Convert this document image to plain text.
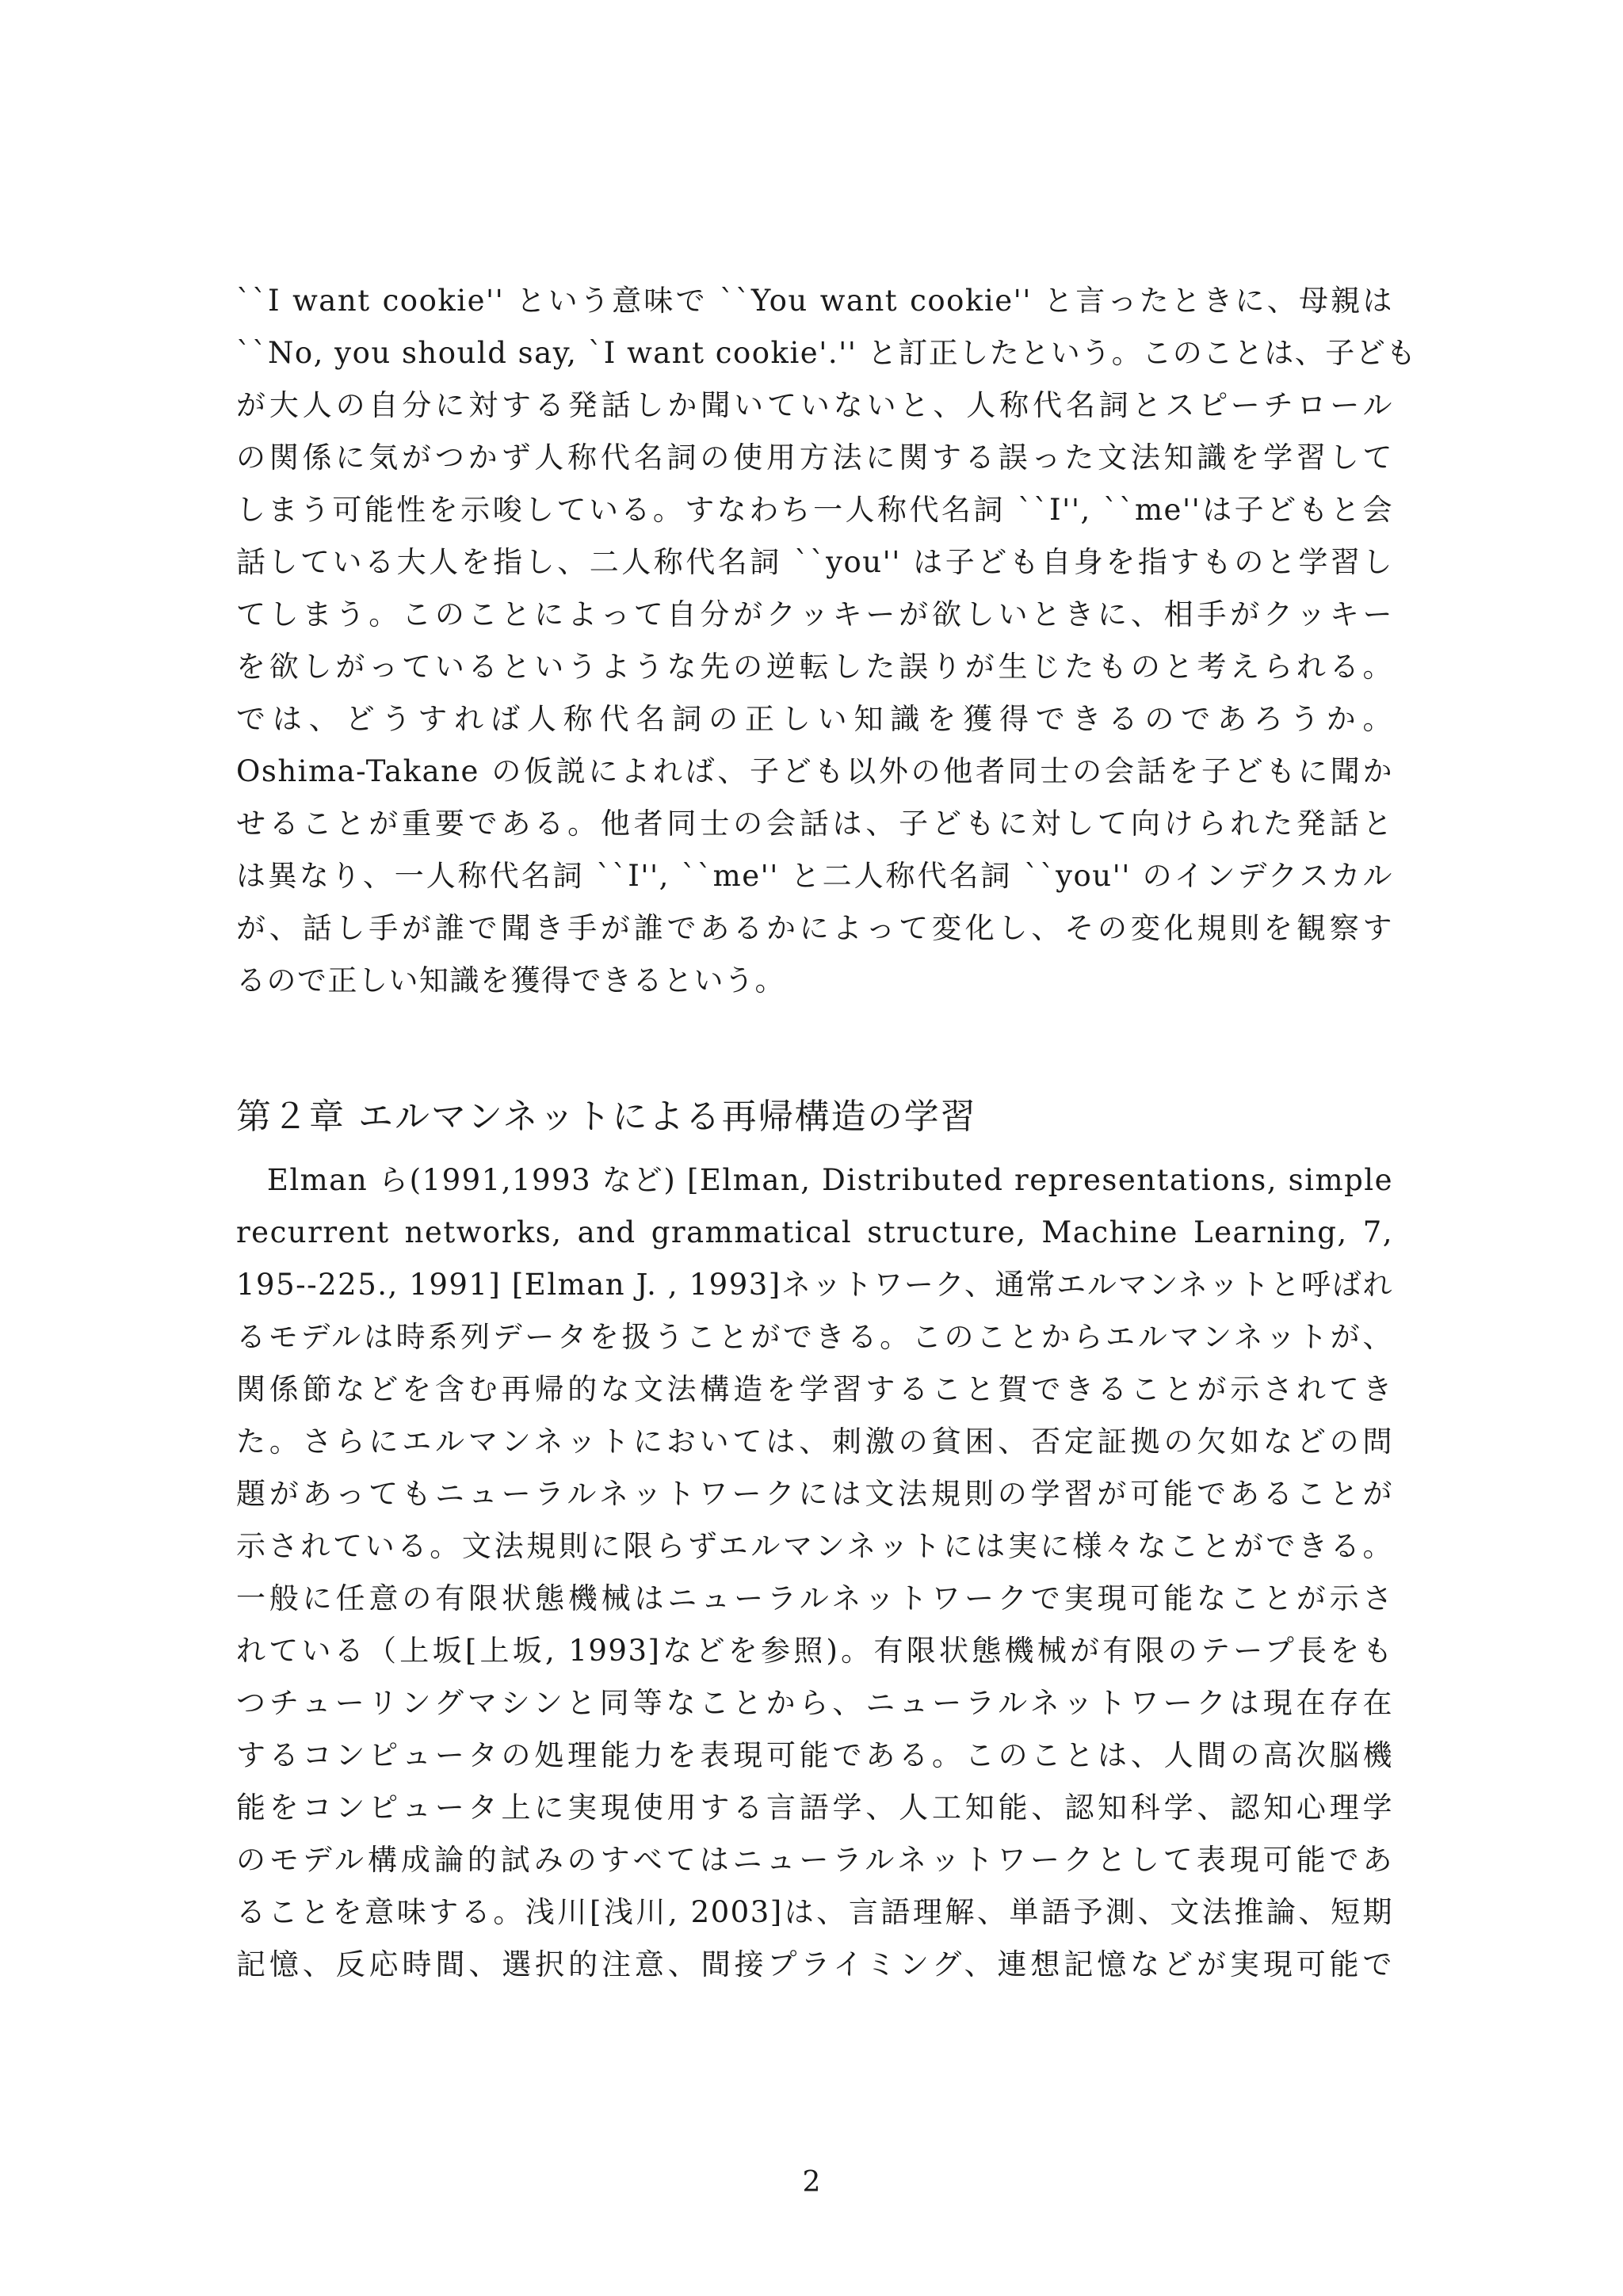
``I want cookie'' という意味で ``You want cookie'' と言ったときに、母親は
``No, you should say, `I want cookie'.'' と訂正したという。このことは、子ども
が大人の自分に対する発話しか聞いていないと、人称代名詞とスピーチロール
の関係に気がつかず人称代名詞の使用方法に関する誤った文法知識を学習して
しまう可能性を示唆している。すなわち一人称代名詞 ``I'', ``me''は子どもと会
話している大人を指し、二人称代名詞 ``you'' は子ども自身を指すものと学習し
てしまう。このことによって自分がクッキーが欲しいときに、相手がクッキー
を欲しがっているというような先の逆転した誤りが生じたものと考えられる。
では、どうすれば人称代名詞の正しい知識を獲得できるのであろうか。
Oshima-Takane の仮説によれば、子ども以外の他者同士の会話を子どもに聞か
せることが重要である。他者同士の会話は、子どもに対して向けられた発話と
は異なり、一人称代名詞 ``I'', ``me'' と二人称代名詞 ``you'' のインデクスカル
が、話し手が誰で聞き手が誰であるかによって変化し、その変化規則を観察す
るので正しい知識を獲得できるという。
第２章 エルマンネットによる再帰構造の学習
　Elman ら(1991,1993 など) [Elman, Distributed representations, simple
recurrent networks, and grammatical structure, Machine Learning, 7,
195--225., 1991] [Elman J. , 1993]ネットワーク、通常エルマンネットと呼ばれ
るモデルは時系列データを扱うことができる。このことからエルマンネットが、
関係節などを含む再帰的な文法構造を学習すること賀できることが示されてき
た。さらにエルマンネットにおいては、刺激の貧困、否定証拠の欠如などの問
題があってもニューラルネットワークには文法規則の学習が可能であることが
示されている。文法規則に限らずエルマンネットには実に様々なことができる。
一般に任意の有限状態機械はニューラルネットワークで実現可能なことが示さ
れている（上坂[上坂, 1993]などを参照)。有限状態機械が有限のテープ長をも
つチューリングマシンと同等なことから、ニューラルネットワークは現在存在
するコンピュータの処理能力を表現可能である。このことは、人間の高次脳機
能をコンピュータ上に実現使用する言語学、人工知能、認知科学、認知心理学
のモデル構成論的試みのすべてはニューラルネットワークとして表現可能であ
ることを意味する。浅川[浅川, 2003]は、言語理解、単語予測、文法推論、短期
記憶、反応時間、選択的注意、間接プライミング、連想記憶などが実現可能で
2
